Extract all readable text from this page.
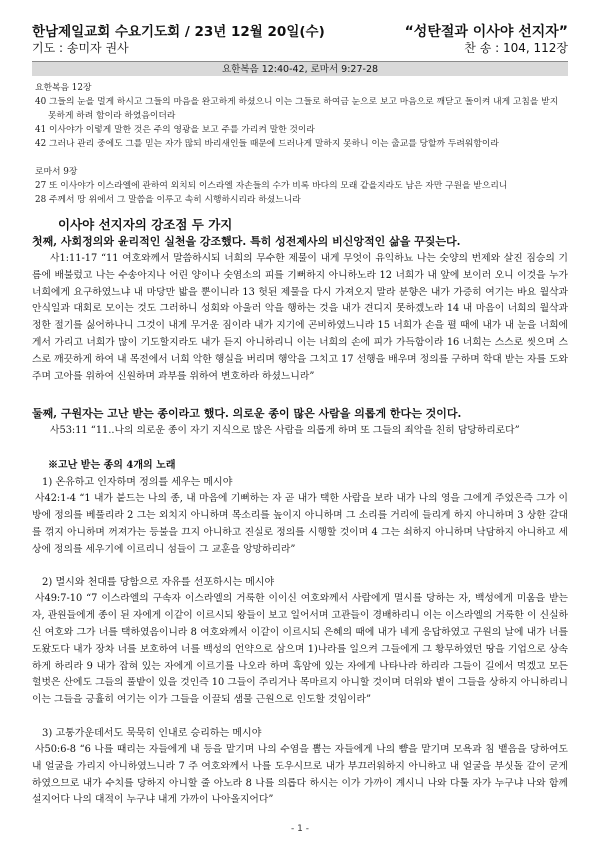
한남제일교회 수요기도회 / 23년 12월 20일(수)	“성탄절과 이사야 선지자”
기도 : 송미자 권사	찬 송 : 104, 112장
요한복음 12:40-42, 로마서 9:27-28
요한복음 12장
40 그들의 눈을 멀게 하시고 그들의 마음을 완고하게 하셨으니 이는 그들로 하여금 눈으로 보고 마음으로 깨닫고 돌이켜 내게 고침을 받지 못하게 하려 함이라 하였음이더라
41 이사야가 이렇게 말한 것은 주의 영광을 보고 주를 가리켜 말한 것이라
42 그러나 관리 중에도 그를 믿는 자가 많되 바리새인들 때문에 드러나게 말하지 못하니 이는 출교를 당할까 두려워함이라
로마서 9장
27 또 이사야가 이스라엘에 관하여 외치되 이스라엘 자손들의 수가 비록 바다의 모래 같을지라도 남은 자만 구원을 받으리니
28 주께서 땅 위에서 그 말씀을 이루고 속히 시행하시리라 하셨느니라
이사야 선지자의 강조점 두 가지
첫째, 사회정의와 윤리적인 실천을 강조했다. 특히 성전제사의 비신앙적인 삶을 꾸짖는다.
사1:11-17 “11 여호와께서 말씀하시되 너희의 무수한 제물이 내게 무엇이 유익하뇨 나는 숫양의 번제와 살진 짐승의 기름에 배불렀고 나는 수송아지나 어린 양이나 숫염소의 피를 기뻐하지 아니하노라 12 너희가 내 앞에 보이러 오니 이것을 누가 너희에게 요구하였느냐 내 마당만 밟을 뿐이니라 13 헛된 제물을 다시 가져오지 말라 분향은 내가 가증히 여기는 바요 월삭과 안식일과 대회로 모이는 것도 그러하니 성회와 아울러 악을 행하는 것을 내가 견디지 못하겠노라 14 내 마음이 너희의 월삭과 정한 절기를 싫어하나니 그것이 내게 무거운 짐이라 내가 지기에 곤비하였느니라 15 너희가 손을 펼 때에 내가 내 눈을 너희에게서 가리고 너희가 많이 기도할지라도 내가 듣지 아니하리니 이는 너희의 손에 피가 가득함이라 16 너희는 스스로 씻으며 스스로 깨끗하게 하여 내 목전에서 너희 악한 행실을 버리며 행악을 그치고 17 선행을 배우며 정의를 구하며 학대 받는 자를 도와 주며 고아를 위하여 신원하며 과부를 위하여 변호하라 하셨느니라”
둘째, 구원자는 고난 받는 종이라고 했다. 의로운 종이 많은 사람을 의롭게 한다는 것이다.
사53:11 “11..나의 의로운 종이 자기 지식으로 많은 사람을 의롭게 하며 또 그들의 죄악을 친히 담당하리로다”
※고난 받는 종의 4개의 노래
1) 온유하고 인자하며 정의를 세우는 메시야
사42:1-4 “1 내가 붙드는 나의 종, 내 마음에 기뻐하는 자 곧 내가 택한 사람을 보라 내가 나의 영을 그에게 주었은즉 그가 이방에 정의를 베풀리라 2 그는 외치지 아니하며 목소리를 높이지 아니하며 그 소리를 거리에 들리게 하지 아니하며 3 상한 갈대를 꺾지 아니하며 꺼져가는 등불을 끄지 아니하고 진실로 정의를 시행할 것이며 4 그는 쇠하지 아니하며 낙담하지 아니하고 세상에 정의를 세우기에 이르리니 섬들이 그 교훈을 앙망하리라”
2) 멸시와 천대를 당함으로 자유를 선포하시는 메시야
사49:7-10 “7 이스라엘의 구속자 이스라엘의 거룩한 이이신 여호와께서 사람에게 멸시를 당하는 자, 백성에게 미움을 받는 자, 관원들에게 종이 된 자에게 이같이 이르시되 왕들이 보고 일어서며 고관들이 경배하리니 이는 이스라엘의 거룩한 이 신실하신 여호와 그가 너를 택하였음이니라 8 여호와께서 이같이 이르시되 은혜의 때에 내가 네게 응답하였고 구원의 날에 내가 너를 도왔도다 내가 장차 너를 보호하여 너를 백성의 언약으로 삼으며 1)나라를 일으켜 그들에게 그 황무하였던 땅을 기업으로 상속하게 하리라 9 내가 잡혀 있는 자에게 이르기를 나오라 하며 흑암에 있는 자에게 나타나라 하리라 그들이 길에서 먹겠고 모든 헐벗은 산에도 그들의 풀밭이 있을 것인즉 10 그들이 주리거나 목마르지 아니할 것이며 더위와 볕이 그들을 상하지 아니하리니 이는 그들을 긍휼히 여기는 이가 그들을 이끌되 샘물 근원으로 인도할 것임이라”
3) 고통가운데서도 묵묵히 인내로 승리하는 메시야
사50:6-8 “6 나를 때리는 자들에게 내 등을 맡기며 나의 수염을 뽑는 자들에게 나의 뺨을 맡기며 모욕과 침 뱉음을 당하여도 내 얼굴을 가리지 아니하였느니라 7 주 여호와께서 나를 도우시므로 내가 부끄러워하지 아니하고 내 얼굴을 부싯돌 같이 굳게 하였으므로 내가 수치를 당하지 아니할 줄 아노라 8 나를 의롭다 하시는 이가 가까이 계시니 나와 다툴 자가 누구냐 나와 함께 설지어다 나의 대적이 누구냐 내게 가까이 나아올지어다”
- 1 -
